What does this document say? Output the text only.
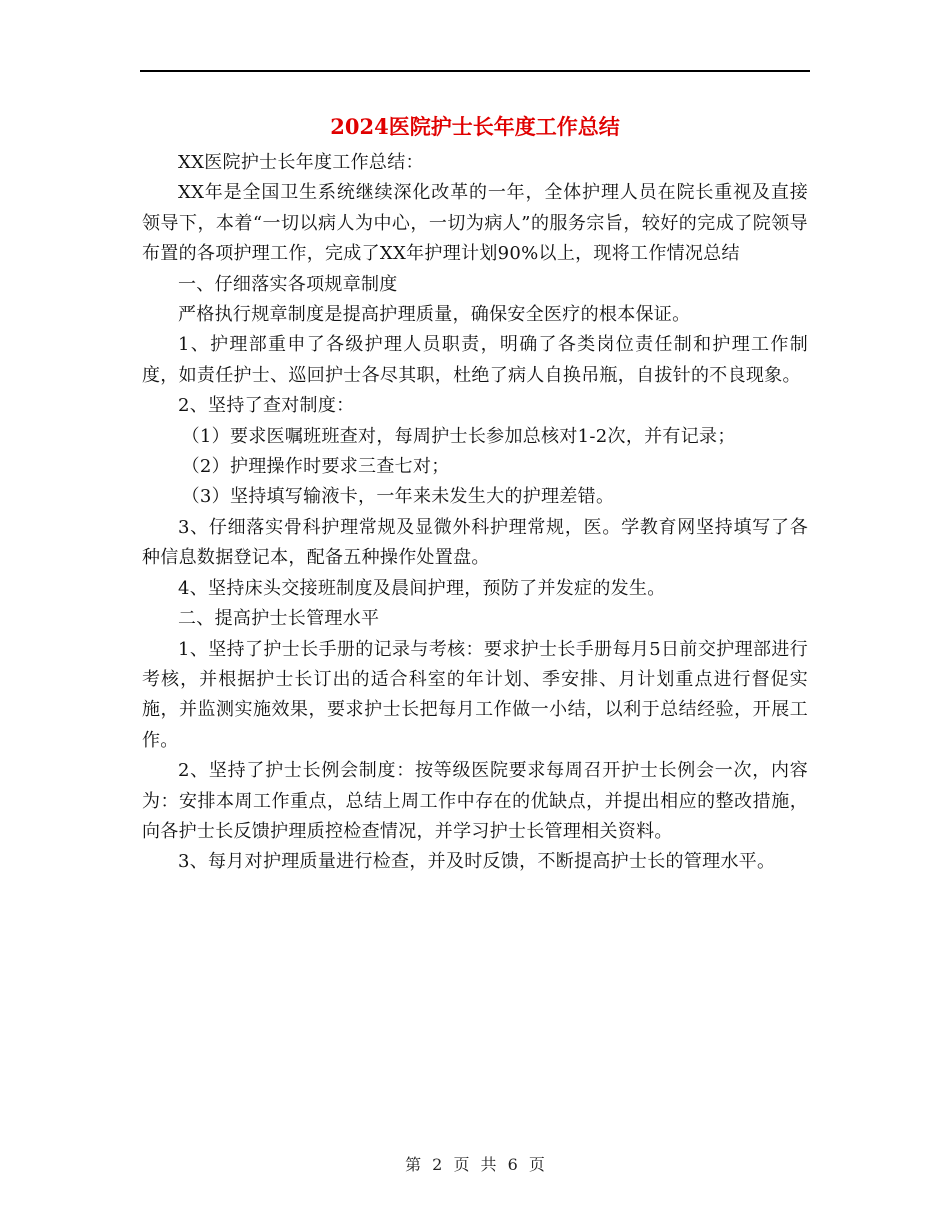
2024医院护士长年度工作总结

XX医院护士长年度工作总结：

XX年是全国卫生系统继续深化改革的一年，全体护理人员在院长重视及直接领导下，本着“一切以病人为中心，一切为病人”的服务宗旨，较好的完成了院领导布置的各项护理工作，完成了XX年护理计划90%以上，现将工作情况总结

一、仔细落实各项规章制度

严格执行规章制度是提高护理质量，确保安全医疗的根本保证。

1、护理部重申了各级护理人员职责，明确了各类岗位责任制和护理工作制度，如责任护士、巡回护士各尽其职，杜绝了病人自换吊瓶，自拔针的不良现象。

2、坚持了查对制度：

（1）要求医嘱班班查对，每周护士长参加总核对1-2次，并有记录；

（2）护理操作时要求三查七对；

（3）坚持填写输液卡，一年来未发生大的护理差错。

3、仔细落实骨科护理常规及显微外科护理常规，医。学教育网坚持填写了各种信息数据登记本，配备五种操作处置盘。

4、坚持床头交接班制度及晨间护理，预防了并发症的发生。

二、提高护士长管理水平

1、坚持了护士长手册的记录与考核：要求护士长手册每月5日前交护理部进行考核，并根据护士长订出的适合科室的年计划、季安排、月计划重点进行督促实施，并监测实施效果，要求护士长把每月工作做一小结，以利于总结经验，开展工作。

2、坚持了护士长例会制度：按等级医院要求每周召开护士长例会一次，内容为：安排本周工作重点，总结上周工作中存在的优缺点，并提出相应的整改措施，向各护士长反馈护理质控检查情况，并学习护士长管理相关资料。

3、每月对护理质量进行检查，并及时反馈，不断提高护士长的管理水平。

第 2 页 共 6 页
